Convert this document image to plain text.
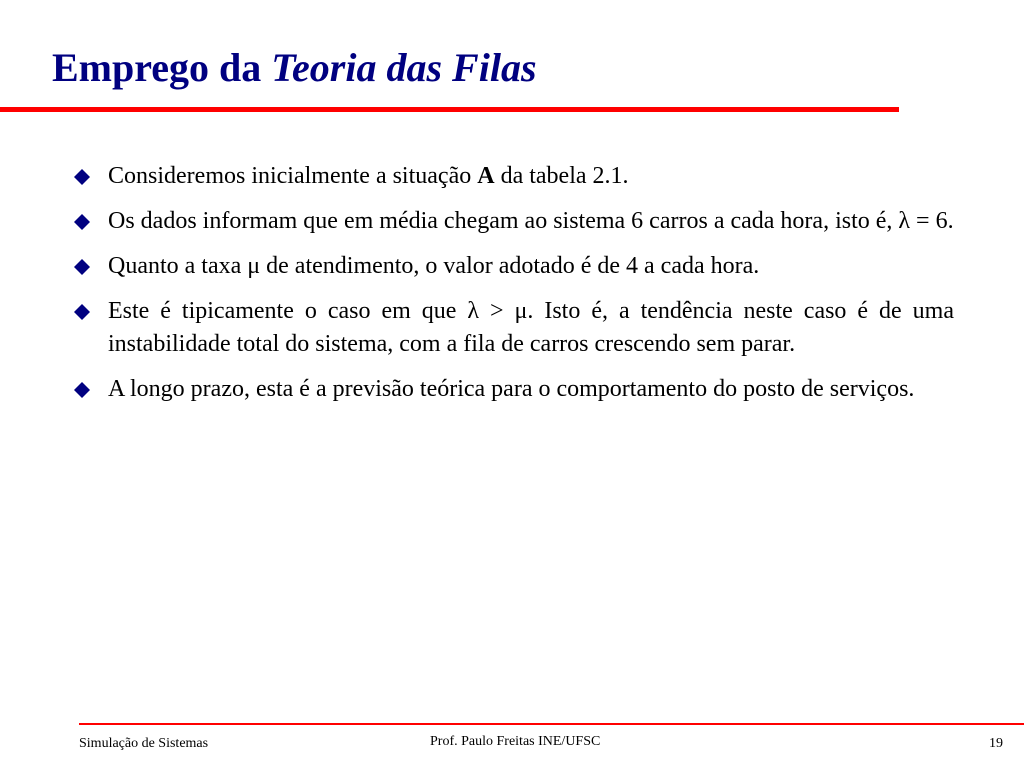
Emprego da Teoria das Filas
Consideremos inicialmente a situação A da tabela 2.1.
Os dados informam que em média chegam ao sistema 6 carros a cada hora, isto é, λ = 6.
Quanto a taxa μ de atendimento, o valor adotado é de 4 a cada hora.
Este é tipicamente o caso em que λ > μ. Isto é, a tendência neste caso é de uma instabilidade total do sistema, com a fila de carros crescendo sem parar.
A longo prazo, esta é a previsão teórica para o comportamento do posto de serviços.
Simulação de Sistemas	Prof. Paulo Freitas INE/UFSC	19
